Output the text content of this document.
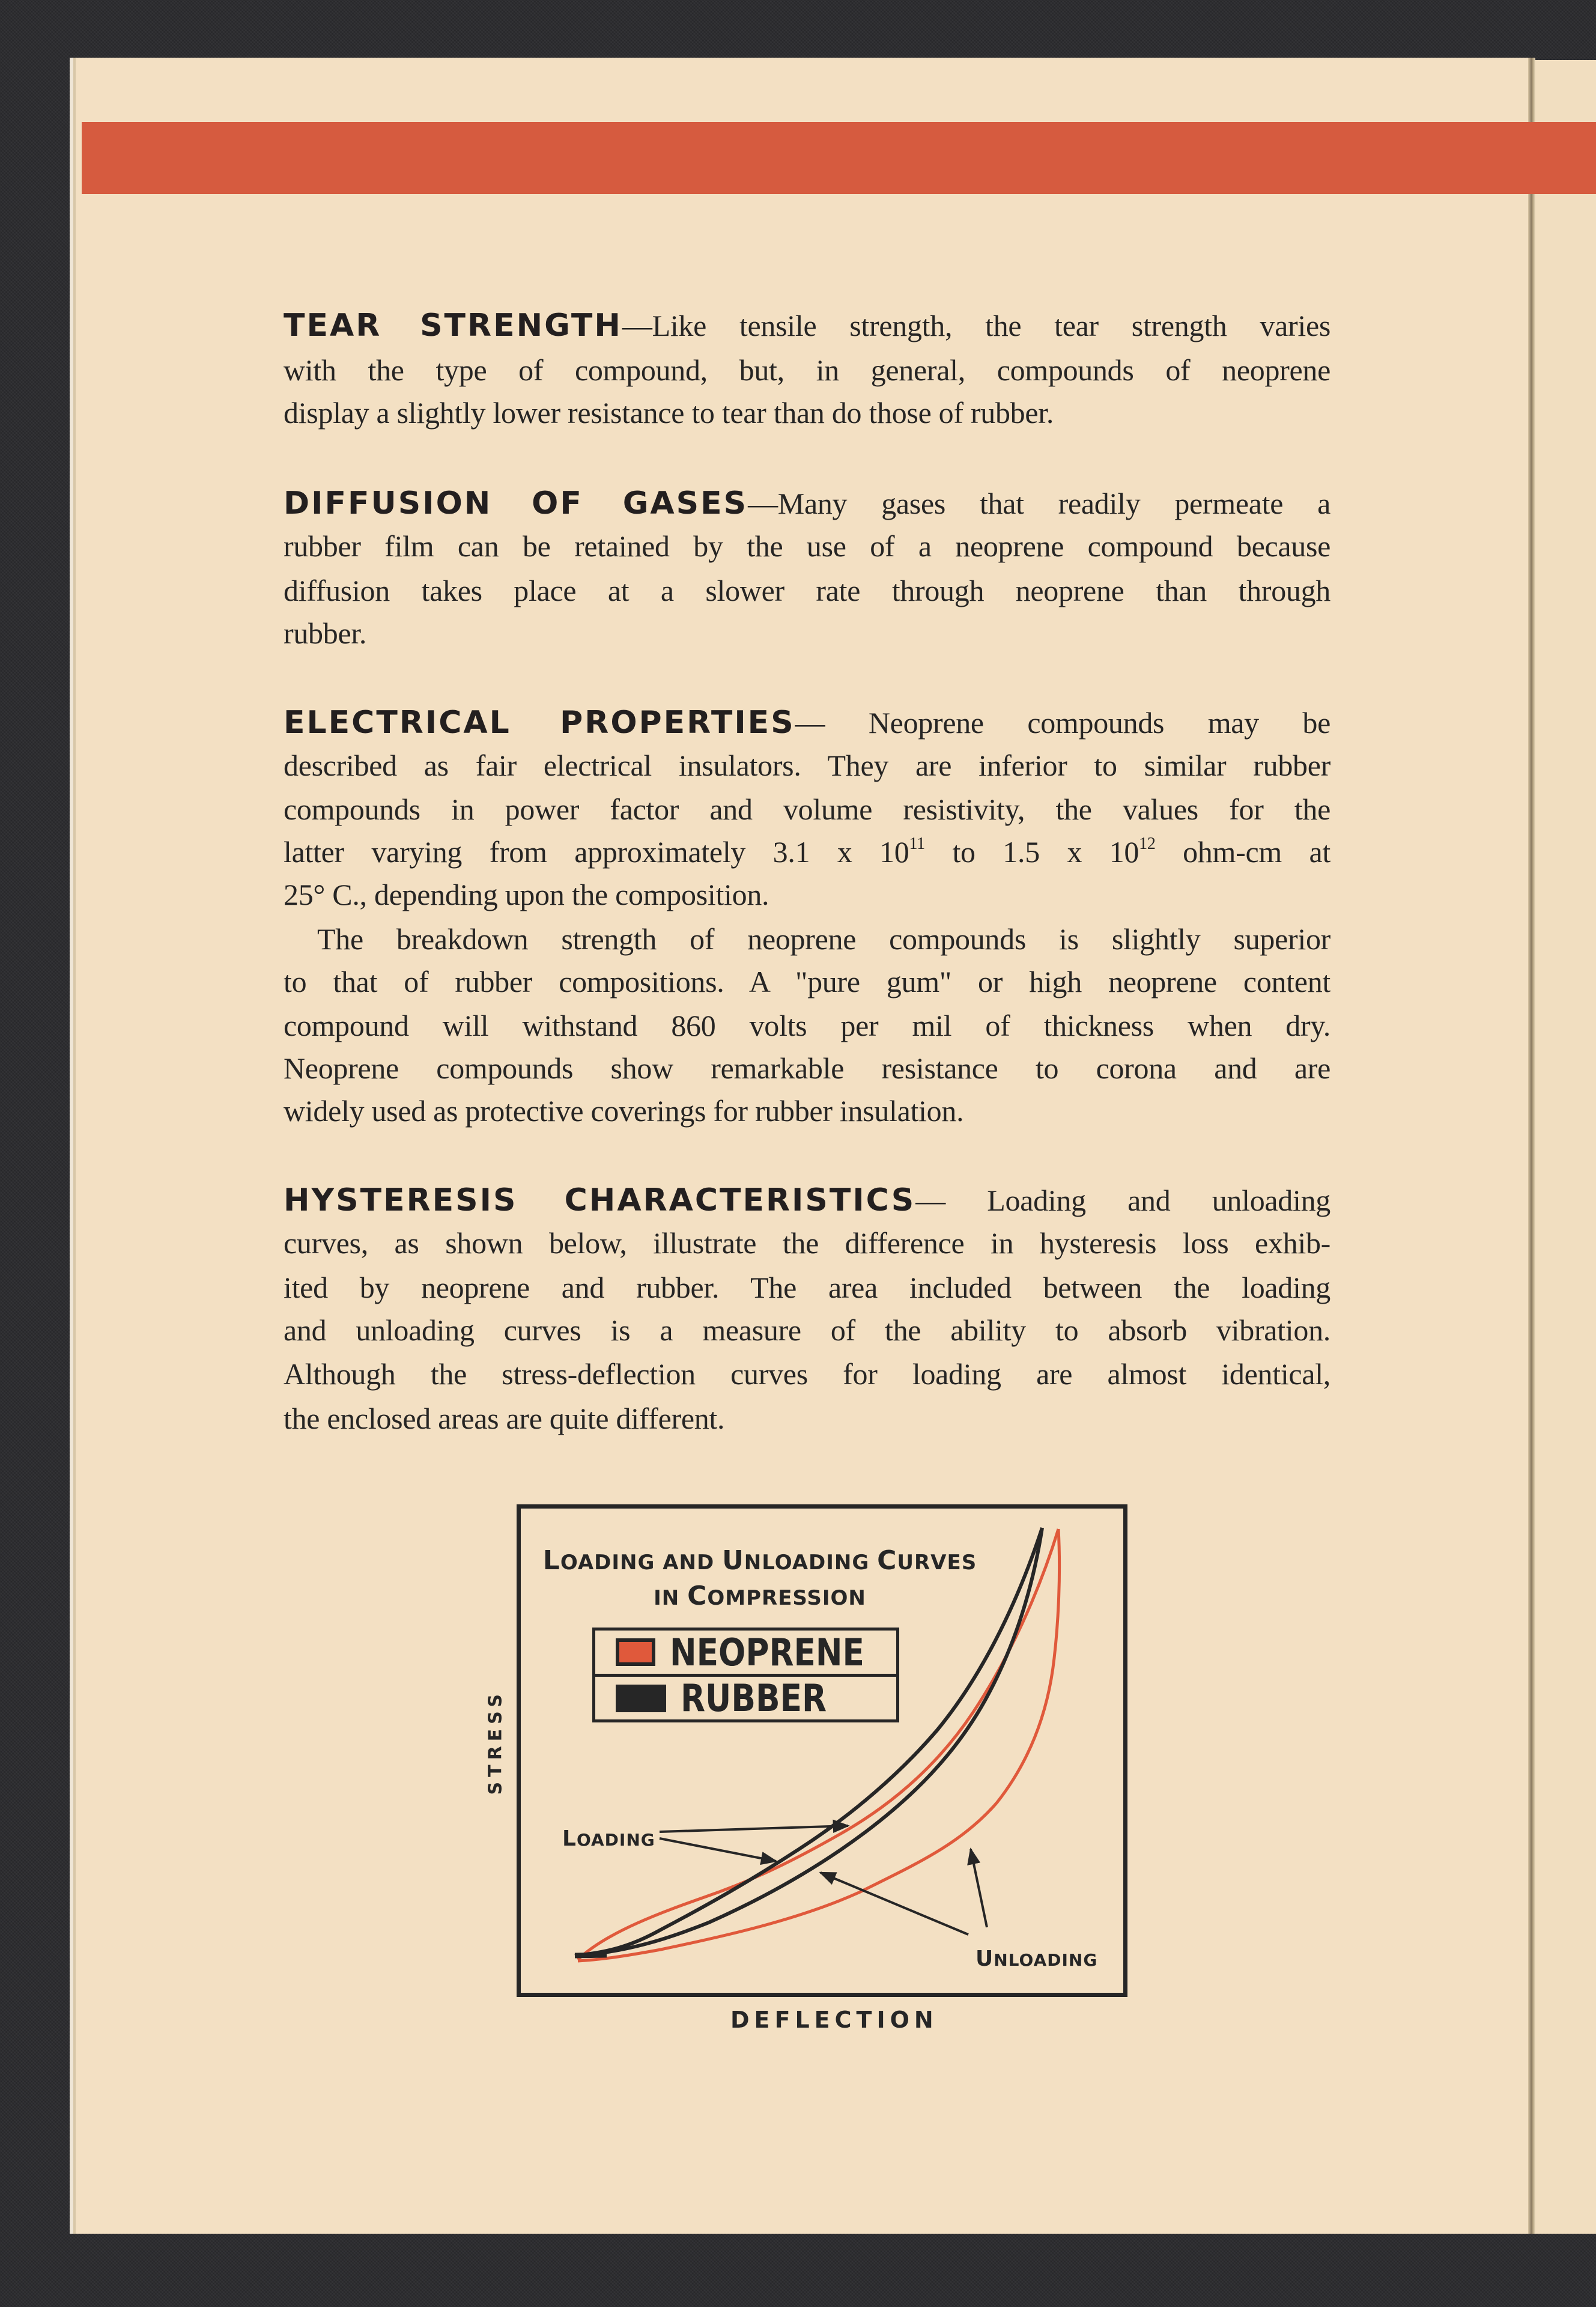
TEAR STRENGTH—Like tensile strength, the tear strength varies
with the type of compound, but, in general, compounds of neoprene
display a slightly lower resistance to tear than do those of rubber.
DIFFUSION OF GASES—Many gases that readily permeate a
rubber film can be retained by the use of a neoprene compound because
diffusion takes place at a slower rate through neoprene than through
rubber.
ELECTRICAL PROPERTIES— Neoprene compounds may be
described as fair electrical insulators. They are inferior to similar rubber
compounds in power factor and volume resistivity, the values for the
latter varying from approximately 3.1 x $10^{11}$ to 1.5 x $10^{12}$ ohm-cm at
25° C., depending upon the composition.
The breakdown strength of neoprene compounds is slightly superior
to that of rubber compositions. A "pure gum" or high neoprene content
compound will withstand 860 volts per mil of thickness when dry.
Neoprene compounds show remarkable resistance to corona and are
widely used as protective coverings for rubber insulation.
HYSTERESIS CHARACTERISTICS— Loading and unloading
curves, as shown below, illustrate the difference in hysteresis loss exhib-
ited by neoprene and rubber. The area included between the loading
and unloading curves is a measure of the ability to absorb vibration.
Although the stress-deflection curves for loading are almost identical,
the enclosed areas are quite different.
LOADING AND UNLOADING CURVES
IN COMPRESSION
NEOPRENE
RUBBER
LOADING
UNLOADING
DEFLECTION
STRESS
